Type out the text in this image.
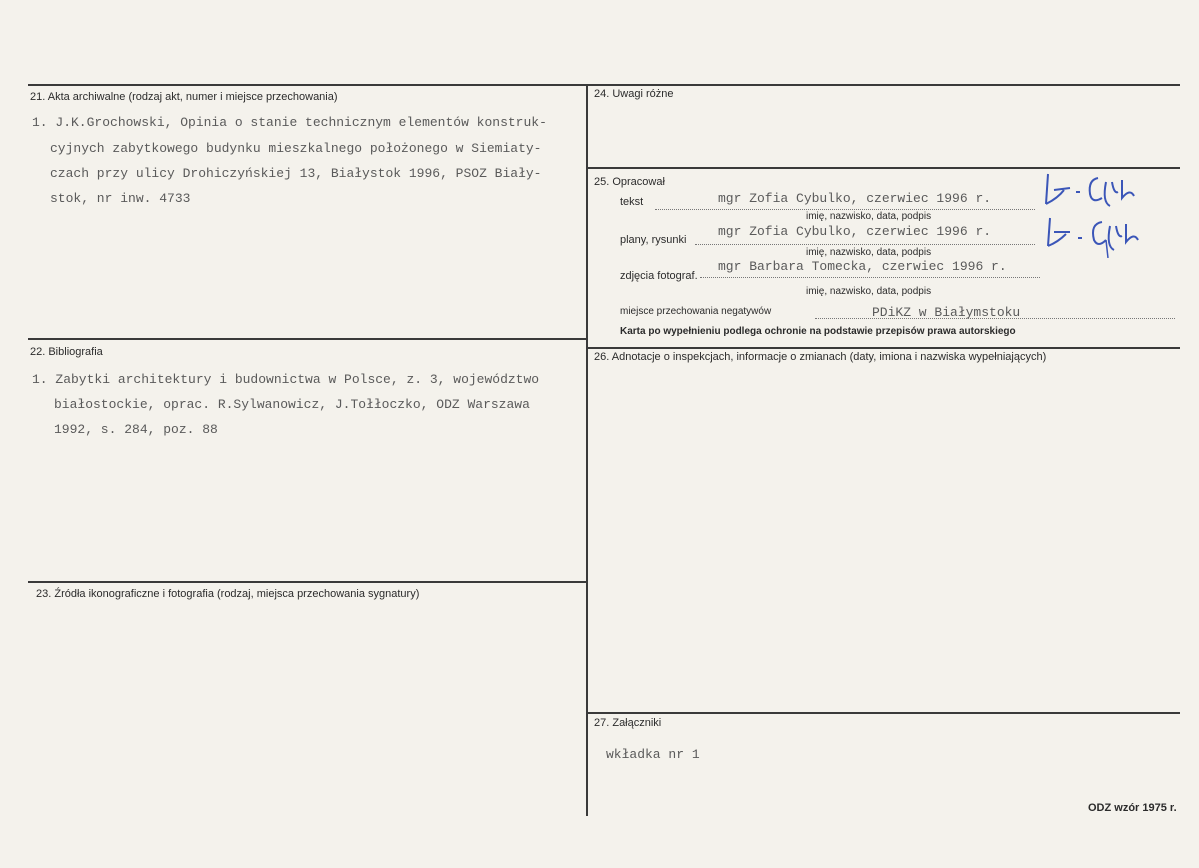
21. Akta archiwalne (rodzaj akt, numer i miejsce przechowania)
1. J.K.Grochowski, Opinia o stanie technicznym elementów konstruk-
cyjnych zabytkowego budynku mieszkalnego położonego w Siemiaty-
czach przy ulicy Drohiczyńskiej 13, Białystok 1996, PSOZ Biały-
stok, nr inw. 4733
22. Bibliografia
1. Zabytki architektury i budownictwa w Polsce, z. 3, województwo
białostockie, oprac. R.Sylwanowicz, J.Tołłoczko, ODZ Warszawa
1992, s. 284, poz. 88
23. Źródła ikonograficzne i fotografia (rodzaj, miejsca przechowania sygnatury)
24. Uwagi różne
25. Opracował
tekst	mgr Zofia Cybulko, czerwiec 1996 r.
imię, nazwisko, data, podpis
plany, rysunki
mgr Zofia Cybulko, czerwiec 1996 r.
imię, nazwisko, data, podpis
zdjęcia fotograf.
mgr Barbara Tomecka, czerwiec 1996 r.
imię, nazwisko, data, podpis
miejsce przechowania negatywów	PDiKZ w Białymstoku
Karta po wypełnieniu podlega ochronie na podstawie przepisów prawa autorskiego
26. Adnotacje o inspekcjach, informacje o zmianach (daty, imiona i nazwiska wypełniających)
27. Załączniki
wkładka nr 1
ODZ wzór 1975 r.
